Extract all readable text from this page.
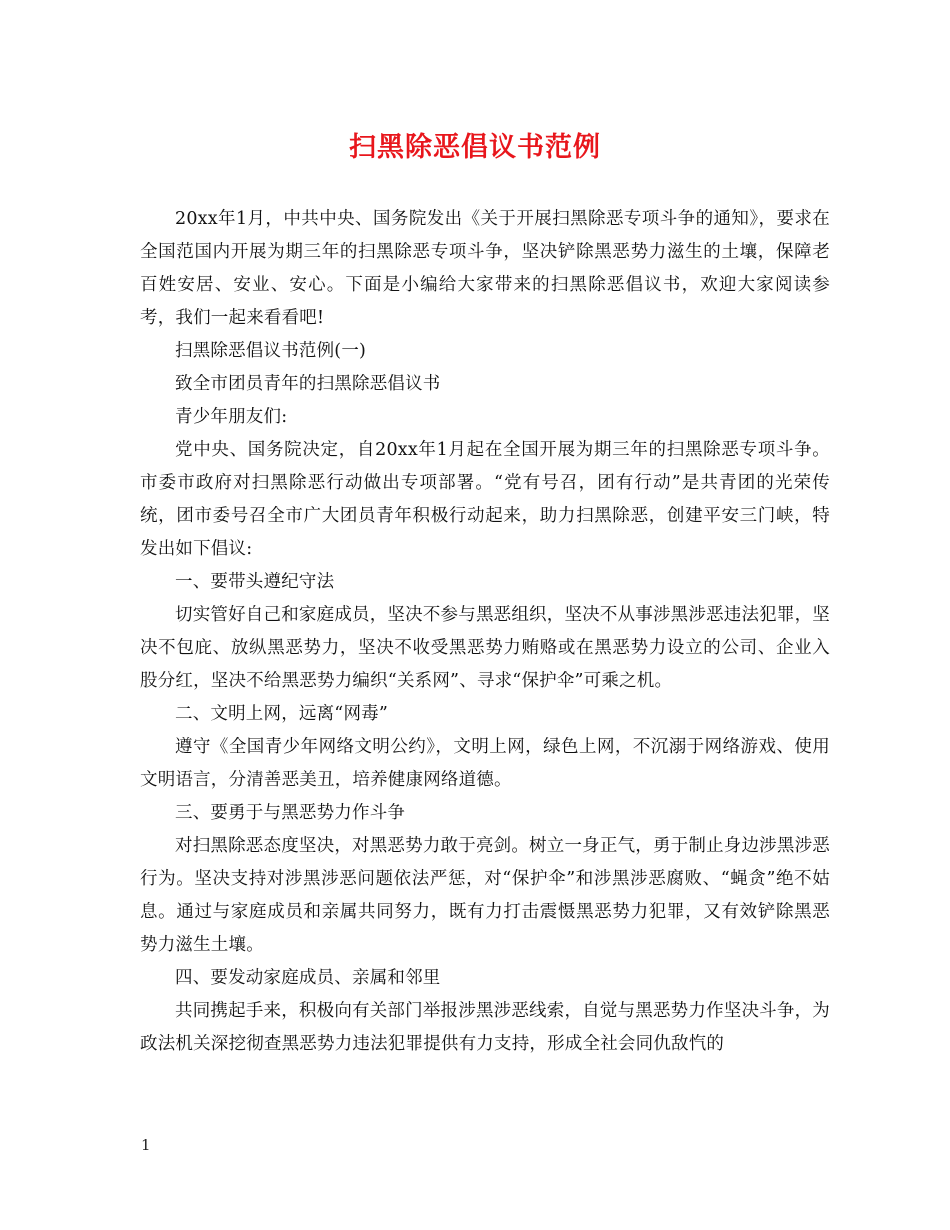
扫黑除恶倡议书范例

20xx年1月，中共中央、国务院发出《关于开展扫黑除恶专项斗争的通知》，要求在全国范国内开展为期三年的扫黑除恶专项斗争，坚决铲除黑恶势力滋生的土壤，保障老百姓安居、安业、安心。下面是小编给大家带来的扫黑除恶倡议书，欢迎大家阅读参考，我们一起来看看吧!

扫黑除恶倡议书范例(一)

致全市团员青年的扫黑除恶倡议书

青少年朋友们:

党中央、国务院决定，自20xx年1月起在全国开展为期三年的扫黑除恶专项斗争。市委市政府对扫黑除恶行动做出专项部署。“党有号召，团有行动”是共青团的光荣传统，团市委号召全市广大团员青年积极行动起来，助力扫黑除恶，创建平安三门峡，特发出如下倡议:

一、要带头遵纪守法

切实管好自己和家庭成员，坚决不参与黑恶组织，坚决不从事涉黑涉恶违法犯罪，坚决不包庇、放纵黑恶势力，坚决不收受黑恶势力贿赂或在黑恶势力设立的公司、企业入股分红，坚决不给黑恶势力编织“关系网”、寻求“保护伞”可乘之机。

二、文明上网，远离“网毒”

遵守《全国青少年网络文明公约》，文明上网，绿色上网，不沉溺于网络游戏、使用文明语言，分清善恶美丑，培养健康网络道德。

三、要勇于与黑恶势力作斗争

对扫黑除恶态度坚决，对黑恶势力敢于亮剑。树立一身正气，勇于制止身边涉黑涉恶行为。坚决支持对涉黑涉恶问题依法严惩，对“保护伞”和涉黑涉恶腐败、“蝇贪”绝不姑息。通过与家庭成员和亲属共同努力，既有力打击震慑黑恶势力犯罪，又有效铲除黑恶势力滋生土壤。

四、要发动家庭成员、亲属和邻里

共同携起手来，积极向有关部门举报涉黑涉恶线索，自觉与黑恶势力作坚决斗争，为政法机关深挖彻查黑恶势力违法犯罪提供有力支持，形成全社会同仇敌忾的

1
